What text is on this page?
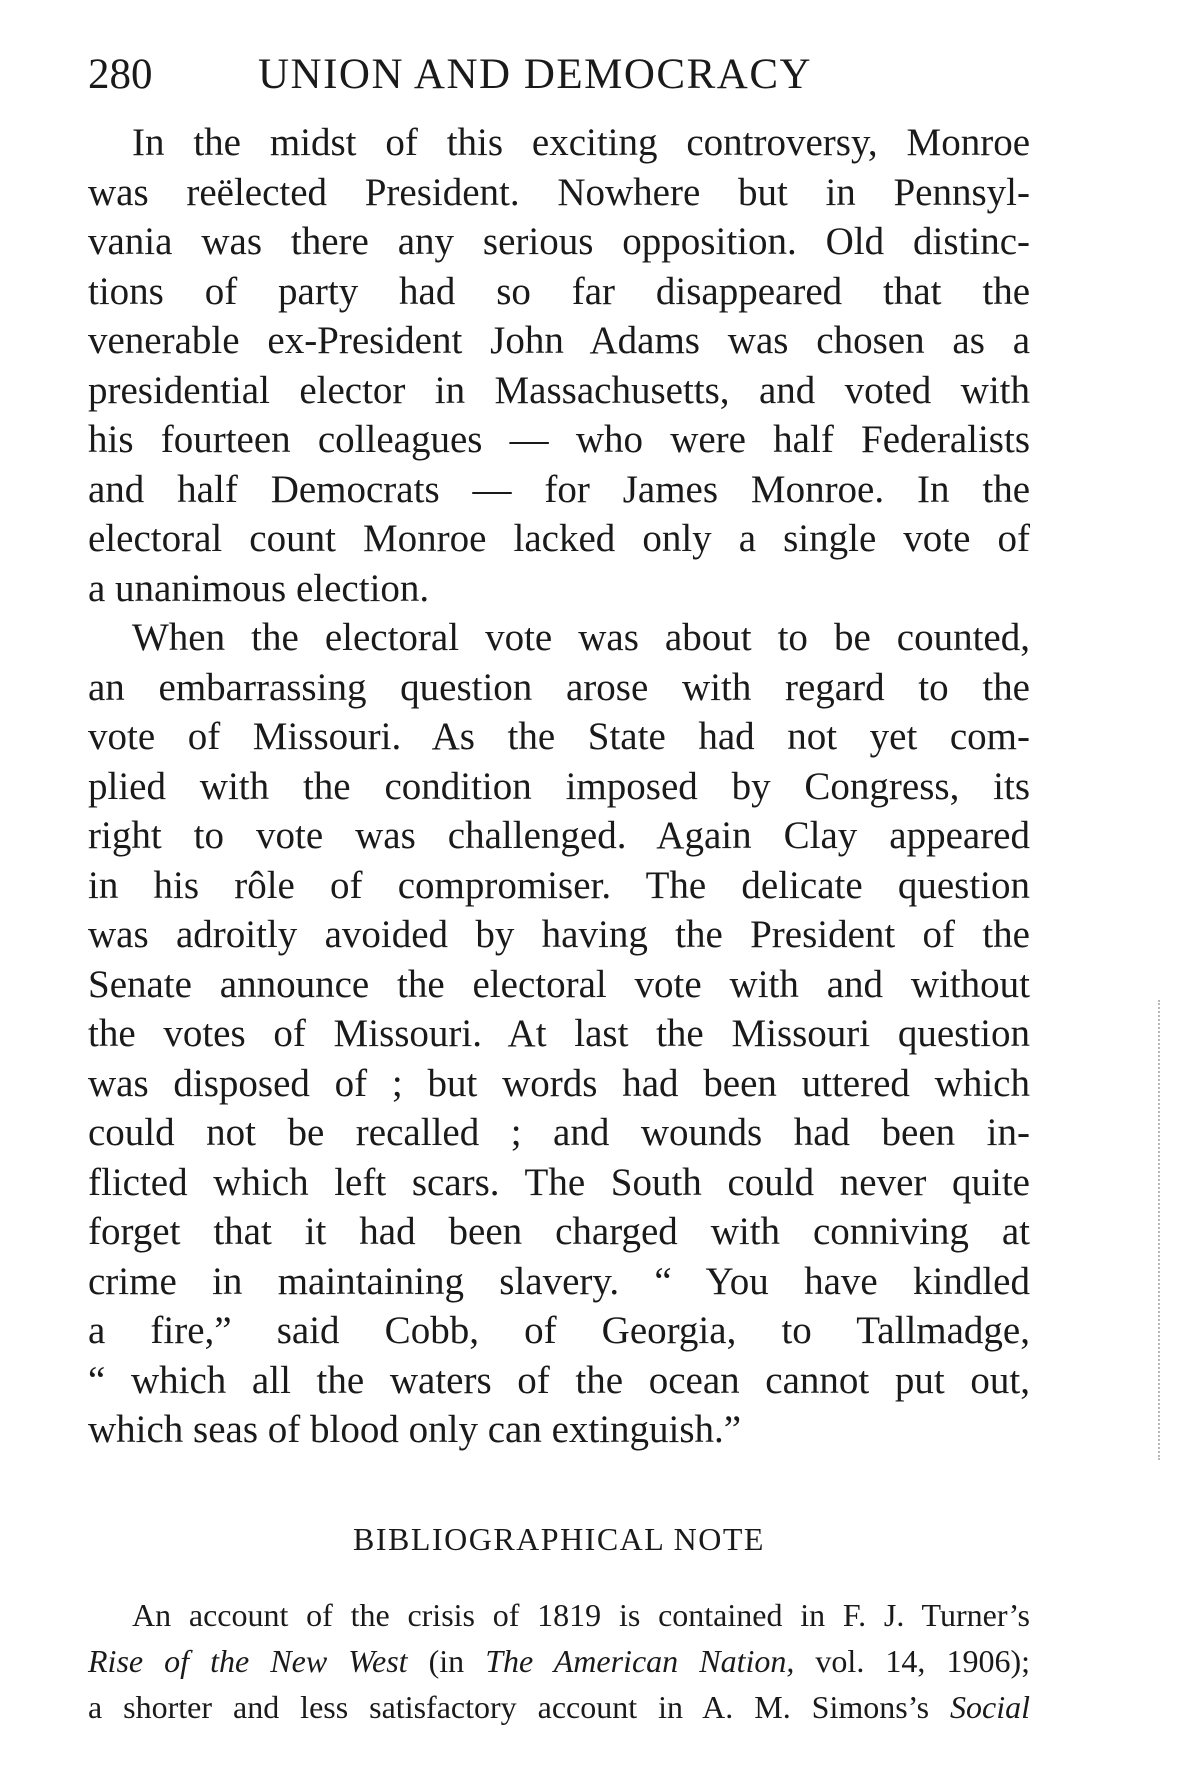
280 UNION AND DEMOCRACY
In the midst of this exciting controversy, Monroe
was reëlected President. Nowhere but in Pennsyl-
vania was there any serious opposition. Old distinc-
tions of party had so far disappeared that the
venerable ex-President John Adams was chosen as a
presidential elector in Massachusetts, and voted with
his fourteen colleagues — who were half Federalists
and half Democrats — for James Monroe. In the
electoral count Monroe lacked only a single vote of
a unanimous election.
When the electoral vote was about to be counted,
an embarrassing question arose with regard to the
vote of Missouri. As the State had not yet com-
plied with the condition imposed by Congress, its
right to vote was challenged. Again Clay appeared
in his rôle of compromiser. The delicate question
was adroitly avoided by having the President of the
Senate announce the electoral vote with and without
the votes of Missouri. At last the Missouri question
was disposed of ; but words had been uttered which
could not be recalled ; and wounds had been in-
flicted which left scars. The South could never quite
forget that it had been charged with conniving at
crime in maintaining slavery. “ You have kindled
a fire,” said Cobb, of Georgia, to Tallmadge,
“ which all the waters of the ocean cannot put out,
which seas of blood only can extinguish.”
BIBLIOGRAPHICAL NOTE
An account of the crisis of 1819 is contained in F. J. Turner’s
Rise of the New West (in The American Nation, vol. 14, 1906);
a shorter and less satisfactory account in A. M. Simons’s Social
